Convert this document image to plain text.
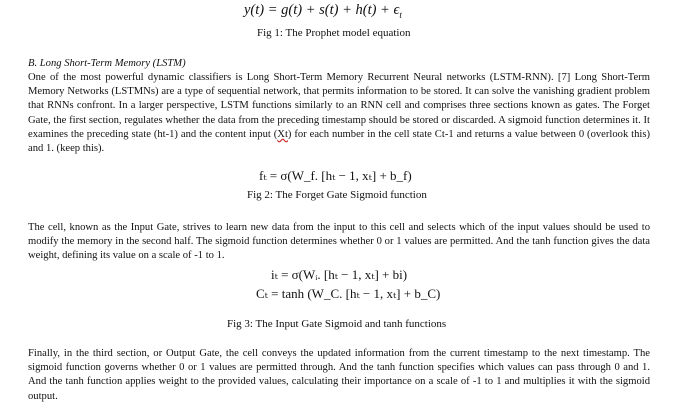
$y(t) = g(t) + s(t) + h(t) + \epsilon_t$
Fig 1: The Prophet model equation
B. Long Short-Term Memory (LSTM)
One of the most powerful dynamic classifiers is Long Short-Term Memory Recurrent Neural networks (LSTM-RNN). [7] Long Short-Term Memory Networks (LSTMNs) are a type of sequential network, that permits information to be stored. It can solve the vanishing gradient problem that RNNs confront. In a larger perspective, LSTM functions similarly to an RNN cell and comprises three sections known as gates. The Forget Gate, the first section, regulates whether the data from the preceding timestamp should be stored or discarded. A sigmoid function determines it. It examines the preceding state (ht-1) and the content input (Xt) for each number in the cell state Ct-1 and returns a value between 0 (overlook this) and 1. (keep this).
fₜ = σ(W_f. [hₜ − 1, xₜ] + b_f)
Fig 2: The Forget Gate Sigmoid function
The cell, known as the Input Gate, strives to learn new data from the input to this cell and selects which of the input values should be used to modify the memory in the second half. The sigmoid function determines whether 0 or 1 values are permitted. And the tanh function gives the data weight, defining its value on a scale of -1 to 1.
iₜ = σ(Wᵢ. [hₜ − 1, xₜ] + bi)
Cₜ = tanh (W_C. [hₜ − 1, xₜ] + b_C)
Fig 3: The Input Gate Sigmoid and tanh functions
Finally, in the third section, or Output Gate, the cell conveys the updated information from the current timestamp to the next timestamp. The sigmoid function governs whether 0 or 1 values are permitted through. And the tanh function specifies which values can pass through 0 and 1. And the tanh function applies weight to the provided values, calculating their importance on a scale of -1 to 1 and multiplies it with the sigmoid output.
